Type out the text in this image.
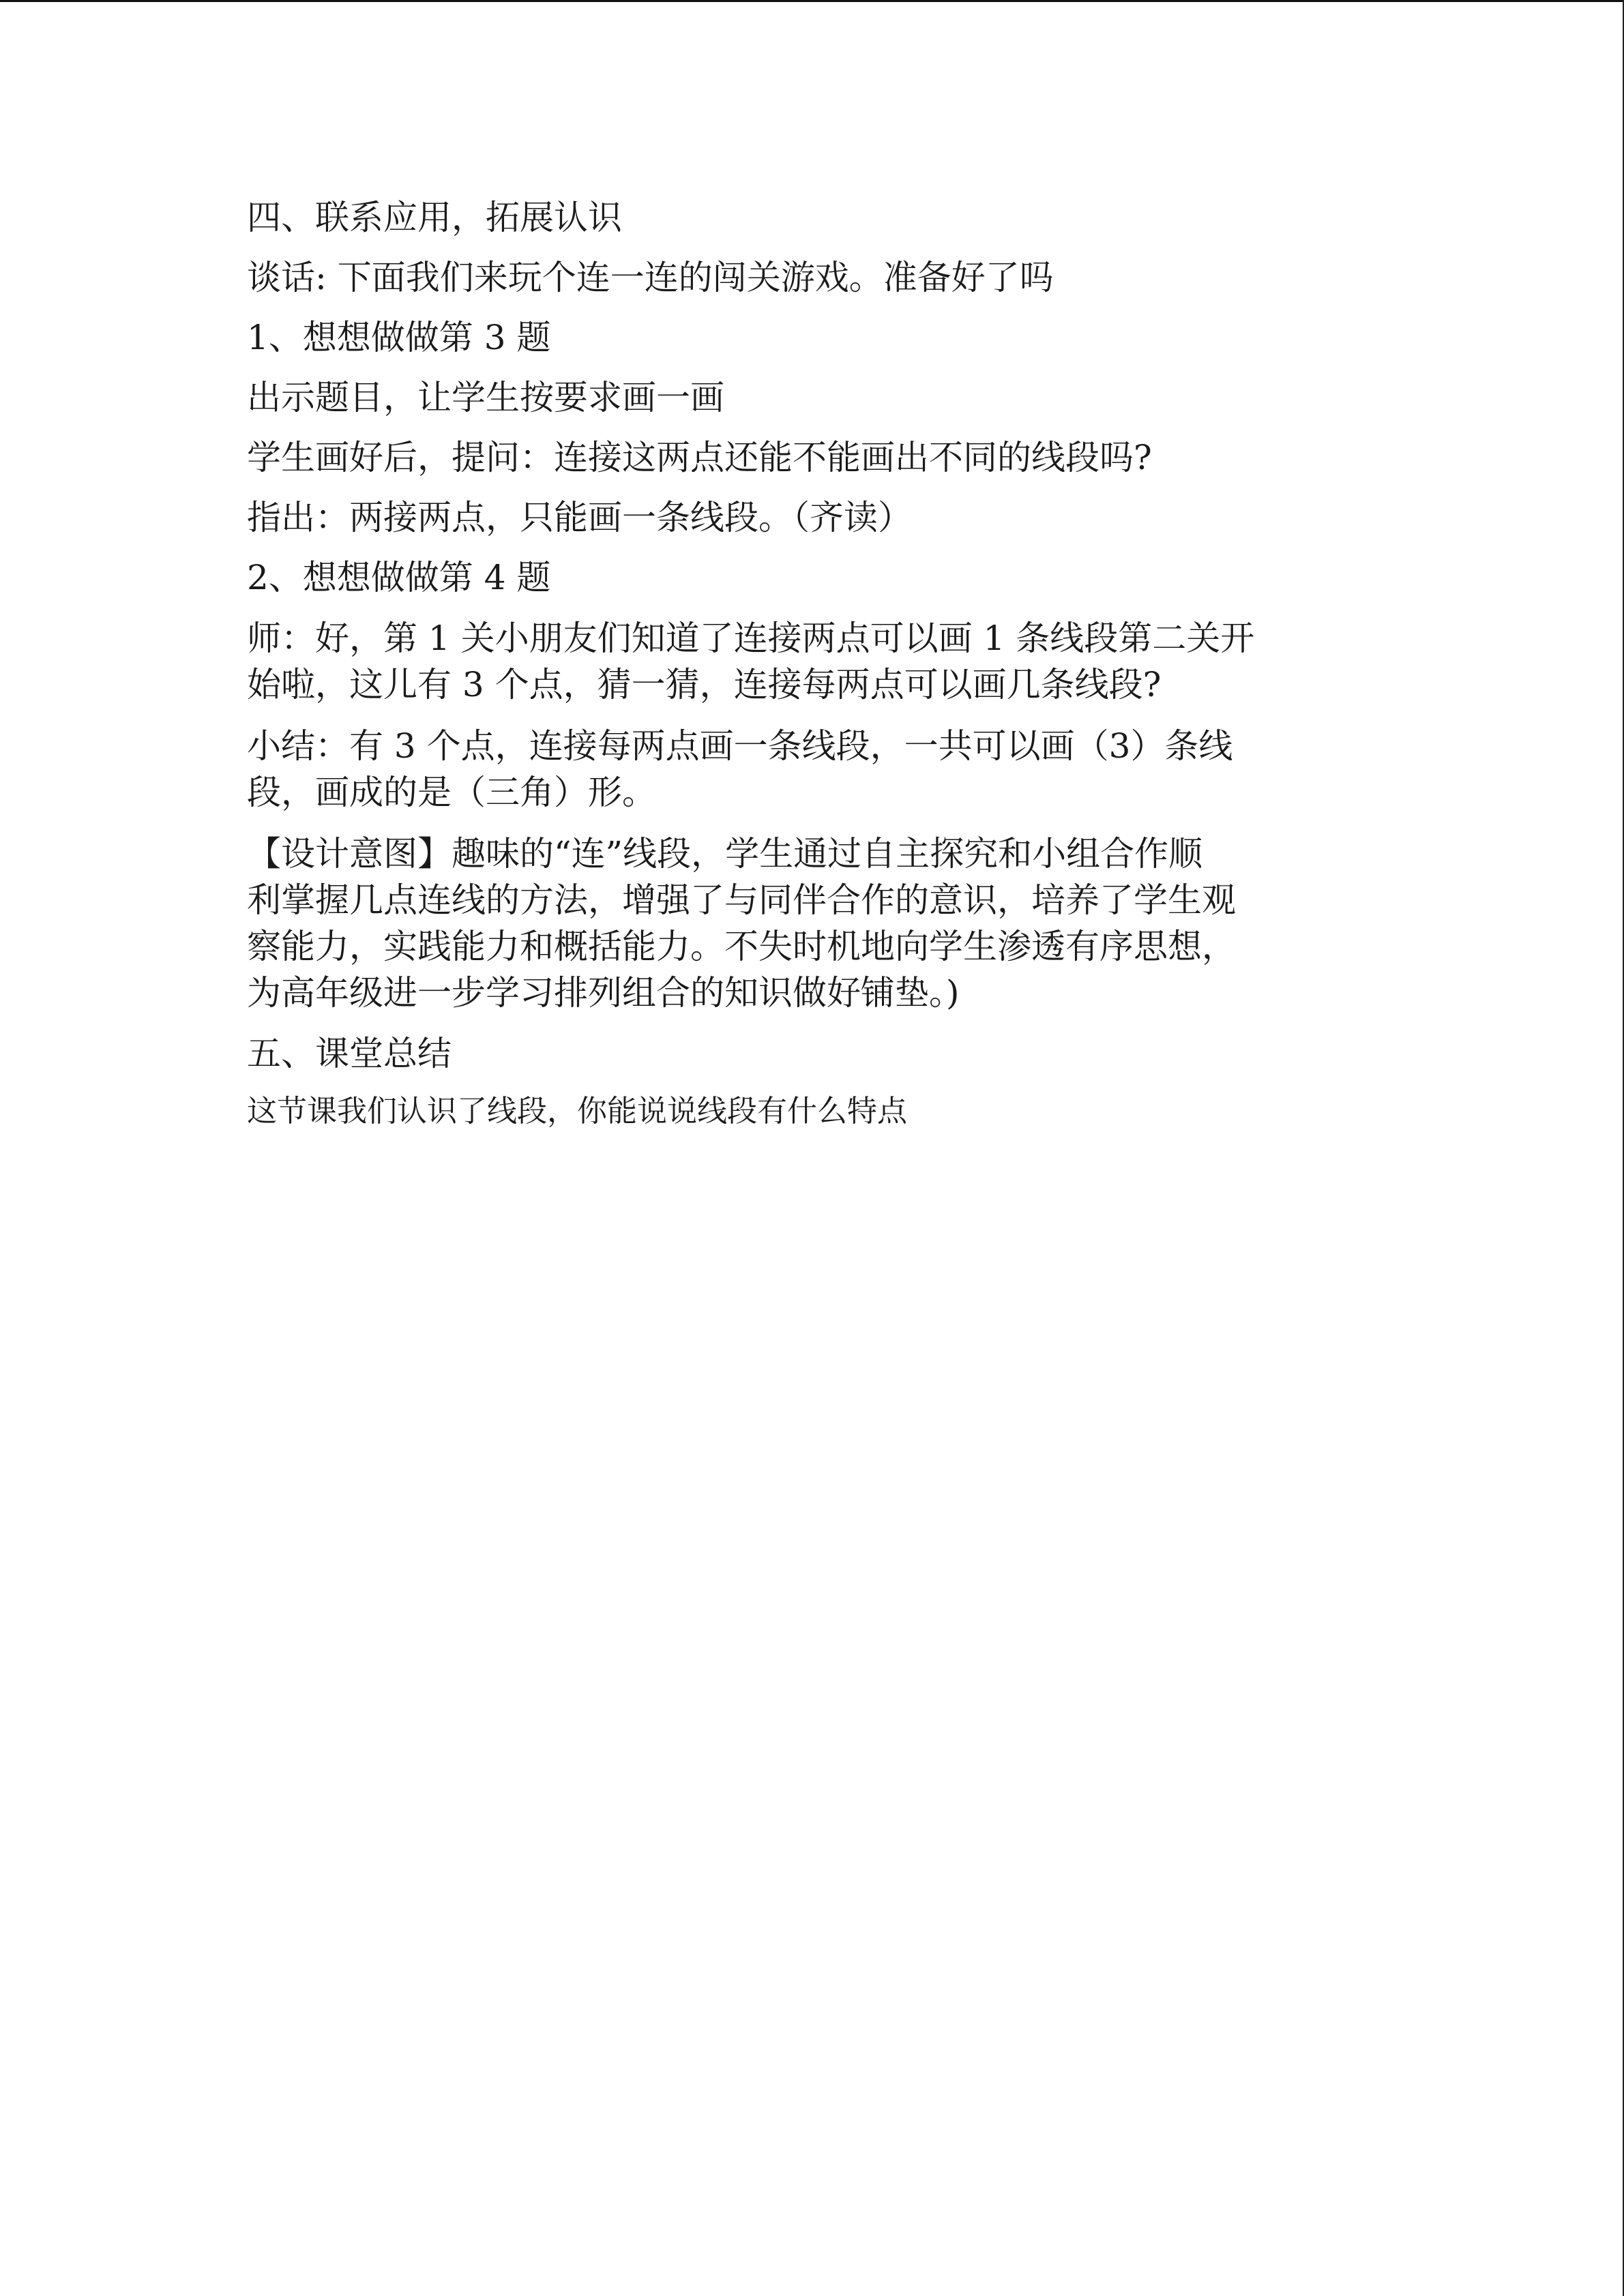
四、联系应用，拓展认识
谈话: 下面我们来玩个连一连的闯关游戏。准备好了吗
1、想想做做第 3 题
出示题目，让学生按要求画一画
学生画好后，提问：连接这两点还能不能画出不同的线段吗?
指出：两接两点，只能画一条线段。（齐读）
2、想想做做第 4 题
师：好，第 1 关小朋友们知道了连接两点可以画 1 条线段第二关开
始啦，这儿有 3 个点，猜一猜，连接每两点可以画几条线段?
小结：有 3 个点，连接每两点画一条线段，一共可以画（3）条线
段，画成的是（三角）形。
【设计意图】趣味的“连”线段，学生通过自主探究和小组合作顺
利掌握几点连线的方法，增强了与同伴合作的意识，培养了学生观
察能力，实践能力和概括能力。不失时机地向学生渗透有序思想，
为高年级进一步学习排列组合的知识做好铺垫。)
五、课堂总结
这节课我们认识了线段，你能说说线段有什么特点
